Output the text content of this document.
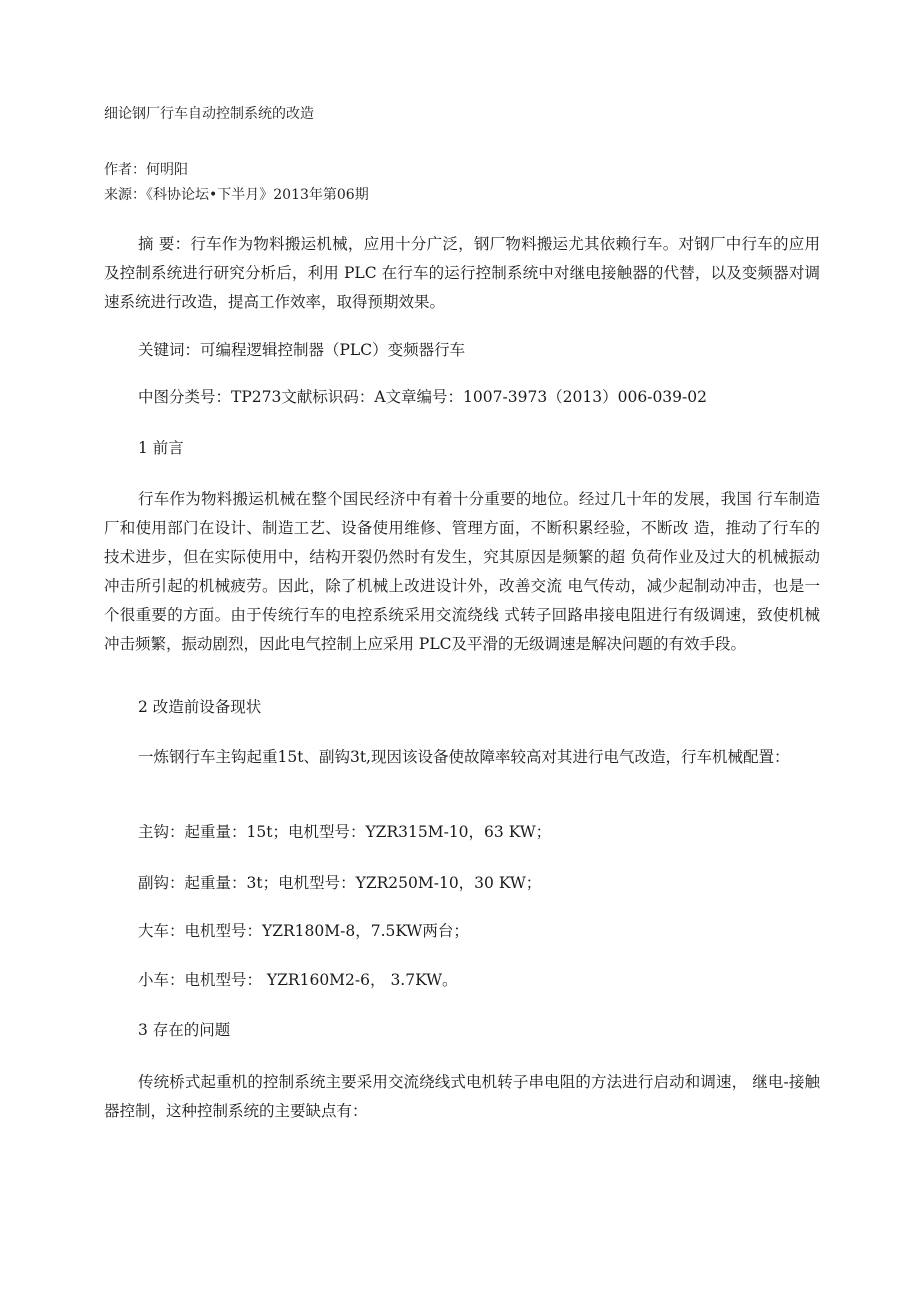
细论钢厂行车自动控制系统的改造
作者：何明阳
来源：《科协论坛•下半月》2013年第06期

摘 要：行车作为物料搬运机械，应用十分广泛，钢厂物料搬运尤其依赖行车。对钢厂中行车的应用及控制系统进行研究分析后，利用 PLC 在行车的运行控制系统中对继电接触器的代替，以及变频器对调速系统进行改造，提高工作效率，取得预期效果。

关键词：可编程逻辑控制器（PLC）变频器行车

中图分类号：TP273文献标识码：A文章编号：1007-3973（2013）006-039-02

1 前言

行车作为物料搬运机械在整个国民经济中有着十分重要的地位。经过几十年的发展，我国 行车制造厂和使用部门在设计、制造工艺、设备使用维修、管理方面，不断积累经验，不断改 造，推动了行车的技术进步，但在实际使用中，结构开裂仍然时有发生，究其原因是频繁的超 负荷作业及过大的机械振动冲击所引起的机械疲劳。因此，除了机械上改进设计外，改善交流 电气传动，减少起制动冲击，也是一个很重要的方面。由于传统行车的电控系统采用交流绕线 式转子回路串接电阻进行有级调速，致使机械冲击频繁，振动剧烈，因此电气控制上应采用 PLC及平滑的无级调速是解决问题的有效手段。

2 改造前设备现状

一炼钢行车主钩起重15t、副钩3t,现因该设备使故障率较高对其进行电气改造，行车机械配置：

主钩：起重量：15t；电机型号：YZR315M-10，63 KW；

副钩：起重量：3t；电机型号：YZR250M-10，30 KW；

大车：电机型号：YZR180M-8，7.5KW两台；

小车：电机型号： YZR160M2-6， 3.7KW。

3 存在的问题

传统桥式起重机的控制系统主要采用交流绕线式电机转子串电阻的方法进行启动和调速， 继电-接触器控制，这种控制系统的主要缺点有：
